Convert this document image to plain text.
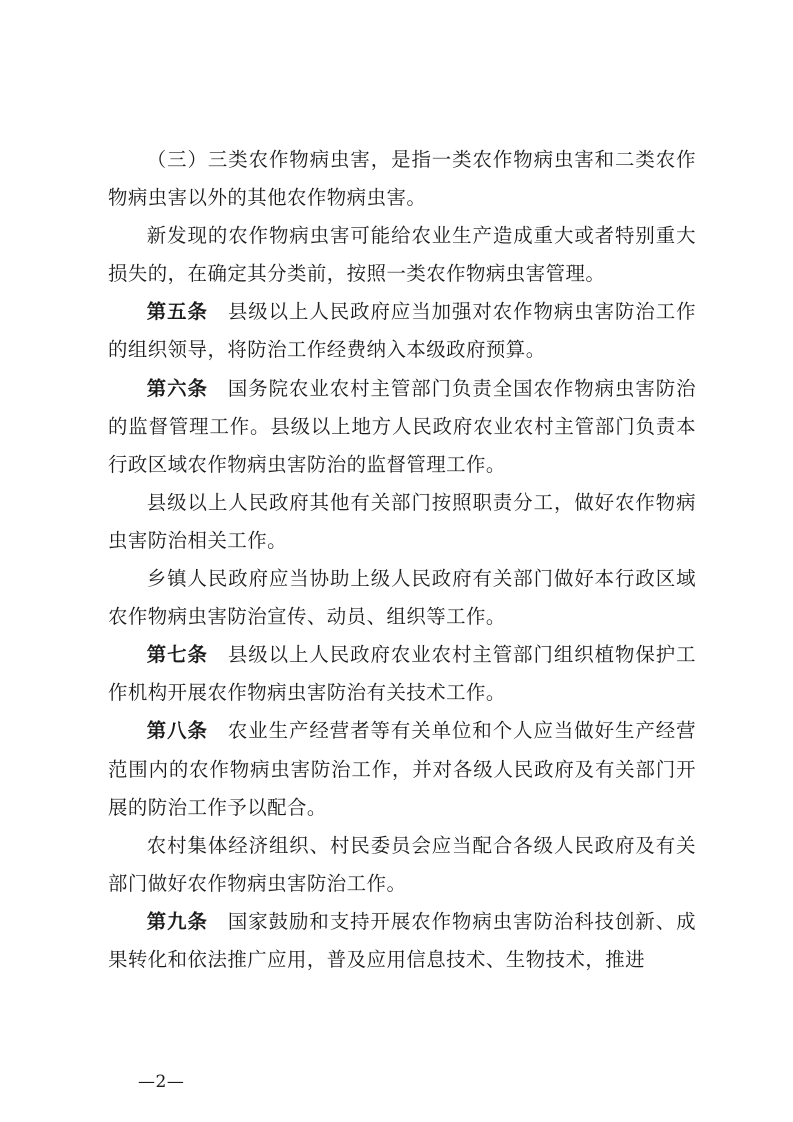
（三）三类农作物病虫害，是指一类农作物病虫害和二类农作物病虫害以外的其他农作物病虫害。

新发现的农作物病虫害可能给农业生产造成重大或者特别重大损失的，在确定其分类前，按照一类农作物病虫害管理。

第五条 县级以上人民政府应当加强对农作物病虫害防治工作的组织领导，将防治工作经费纳入本级政府预算。

第六条 国务院农业农村主管部门负责全国农作物病虫害防治的监督管理工作。县级以上地方人民政府农业农村主管部门负责本行政区域农作物病虫害防治的监督管理工作。

县级以上人民政府其他有关部门按照职责分工，做好农作物病虫害防治相关工作。

乡镇人民政府应当协助上级人民政府有关部门做好本行政区域农作物病虫害防治宣传、动员、组织等工作。

第七条 县级以上人民政府农业农村主管部门组织植物保护工作机构开展农作物病虫害防治有关技术工作。

第八条 农业生产经营者等有关单位和个人应当做好生产经营范围内的农作物病虫害防治工作，并对各级人民政府及有关部门开展的防治工作予以配合。

农村集体经济组织、村民委员会应当配合各级人民政府及有关部门做好农作物病虫害防治工作。

第九条 国家鼓励和支持开展农作物病虫害防治科技创新、成果转化和依法推广应用，普及应用信息技术、生物技术，推进

—2—
